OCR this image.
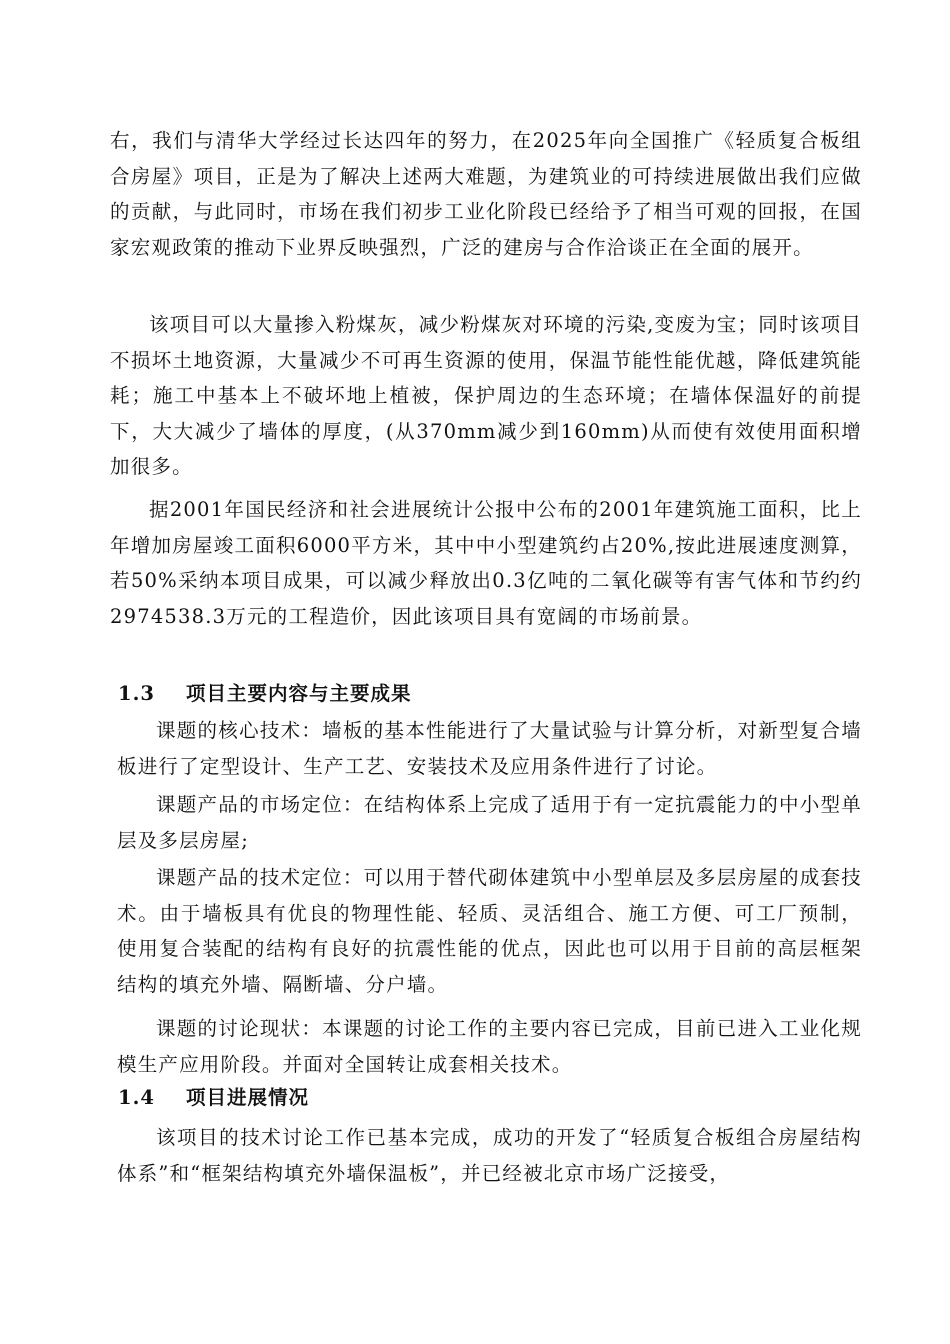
右，我们与清华大学经过长达四年的努力，在2025年向全国推广《轻质复合板组合房屋》项目，正是为了解决上述两大难题，为建筑业的可持续进展做出我们应做的贡献，与此同时，市场在我们初步工业化阶段已经给予了相当可观的回报，在国家宏观政策的推动下业界反映强烈，广泛的建房与合作洽谈正在全面的展开。

该项目可以大量掺入粉煤灰，减少粉煤灰对环境的污染,变废为宝；同时该项目不损坏土地资源，大量减少不可再生资源的使用，保温节能性能优越，降低建筑能耗；施工中基本上不破坏地上植被，保护周边的生态环境；在墙体保温好的前提下，大大减少了墙体的厚度，(从370mm减少到160mm)从而使有效使用面积增加很多。

据2001年国民经济和社会进展统计公报中公布的2001年建筑施工面积，比上年增加房屋竣工面积6000平方米，其中中小型建筑约占20%,按此进展速度测算，若50%采纳本项目成果，可以减少释放出0.3亿吨的二氧化碳等有害气体和节约约2974538.3万元的工程造价，因此该项目具有宽阔的市场前景。

1.3 项目主要内容与主要成果

课题的核心技术：墙板的基本性能进行了大量试验与计算分析，对新型复合墙板进行了定型设计、生产工艺、安装技术及应用条件进行了讨论。

课题产品的市场定位：在结构体系上完成了适用于有一定抗震能力的中小型单层及多层房屋;

课题产品的技术定位：可以用于替代砌体建筑中小型单层及多层房屋的成套技术。由于墙板具有优良的物理性能、轻质、灵活组合、施工方便、可工厂预制，使用复合装配的结构有良好的抗震性能的优点，因此也可以用于目前的高层框架结构的填充外墙、隔断墙、分户墙。

课题的讨论现状：本课题的讨论工作的主要内容已完成，目前已进入工业化规模生产应用阶段。并面对全国转让成套相关技术。

1.4 项目进展情况

该项目的技术讨论工作已基本完成，成功的开发了“轻质复合板组合房屋结构体系”和“框架结构填充外墙保温板”，并已经被北京市场广泛接受，
